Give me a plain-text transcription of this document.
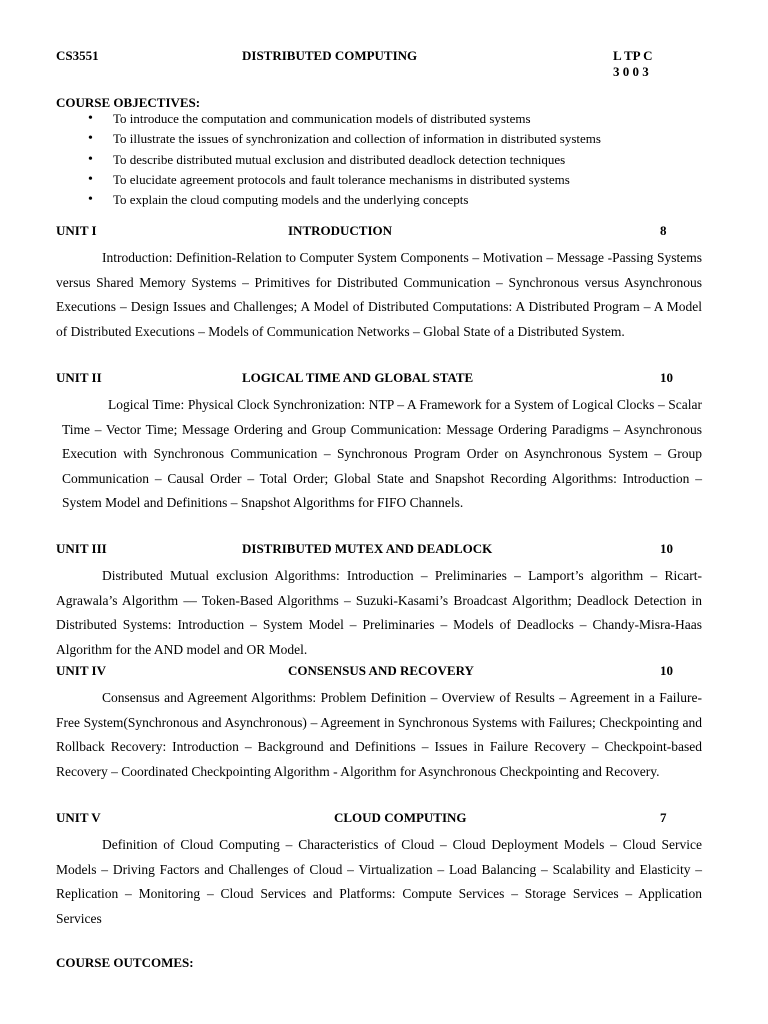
CS3551	DISTRIBUTED COMPUTING	L TP C
3 0 0 3
COURSE OBJECTIVES:
• To introduce the computation and communication models of distributed systems
• To illustrate the issues of synchronization and collection of information in distributed systems
• To describe distributed mutual exclusion and distributed deadlock detection techniques
• To elucidate agreement protocols and fault tolerance mechanisms in distributed systems
• To explain the cloud computing models and the underlying concepts
UNIT I	INTRODUCTION	8

Introduction: Definition-Relation to Computer System Components – Motivation – Message -Passing Systems versus Shared Memory Systems – Primitives for Distributed Communication – Synchronous versus Asynchronous Executions – Design Issues and Challenges; A Model of Distributed Computations: A Distributed Program – A Model of Distributed Executions – Models of Communication Networks – Global State of a Distributed System.

UNIT II	LOGICAL TIME AND GLOBAL STATE	10

Logical Time: Physical Clock Synchronization: NTP – A Framework for a System of Logical Clocks – Scalar Time – Vector Time; Message Ordering and Group Communication: Message Ordering Paradigms – Asynchronous Execution with Synchronous Communication – Synchronous Program Order on Asynchronous System – Group Communication – Causal Order – Total Order; Global State and Snapshot Recording Algorithms: Introduction – System Model and Definitions – Snapshot Algorithms for FIFO Channels.

UNIT III	DISTRIBUTED MUTEX AND DEADLOCK	10

Distributed Mutual exclusion Algorithms: Introduction – Preliminaries – Lamport’s algorithm – Ricart- Agrawala’s Algorithm –– Token-Based Algorithms – Suzuki-Kasami’s Broadcast Algorithm; Deadlock Detection in Distributed Systems: Introduction – System Model – Preliminaries – Models of Deadlocks – Chandy-Misra-Haas Algorithm for the AND model and OR Model.

UNIT IV	CONSENSUS AND RECOVERY	10

Consensus and Agreement Algorithms: Problem Definition – Overview of Results – Agreement in a Failure-Free System(Synchronous and Asynchronous) – Agreement in Synchronous Systems with Failures; Checkpointing and Rollback Recovery: Introduction – Background and Definitions – Issues in Failure Recovery – Checkpoint-based Recovery – Coordinated Checkpointing Algorithm - Algorithm for Asynchronous Checkpointing and Recovery.

UNIT V	CLOUD COMPUTING	7

Definition of Cloud Computing – Characteristics of Cloud – Cloud Deployment Models – Cloud Service Models – Driving Factors and Challenges of Cloud – Virtualization – Load Balancing – Scalability and Elasticity – Replication – Monitoring – Cloud Services and Platforms: Compute Services – Storage Services – Application Services

COURSE OUTCOMES:
